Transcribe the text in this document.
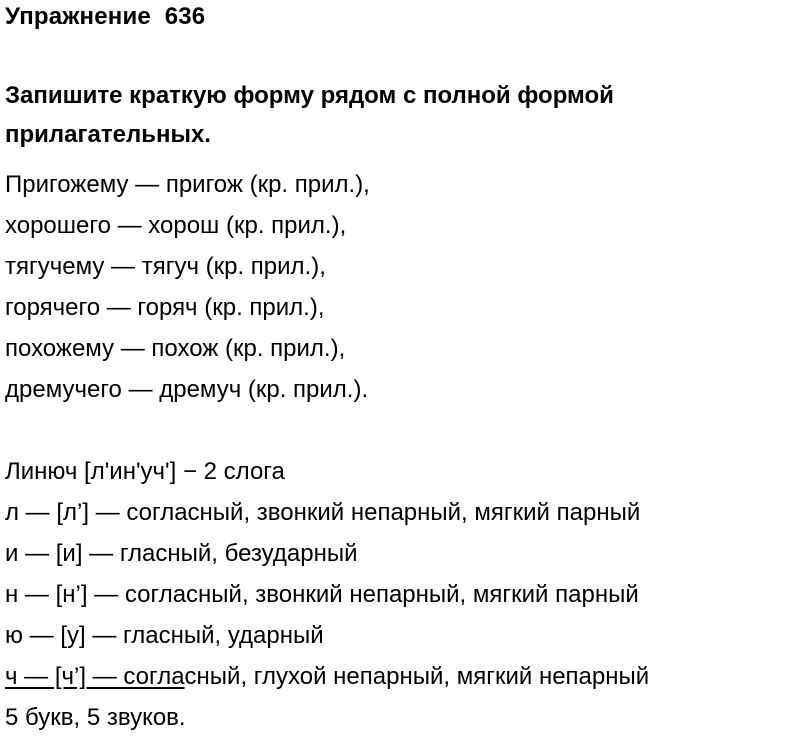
Упражнение  636
Запишите краткую форму рядом с полной формой прилагательных.
Пригожему — пригож (кр. прил.),
хорошего — хорош (кр. прил.),
тягучему — тягуч (кр. прил.),
горячего — горяч (кр. прил.),
похожему — похож (кр. прил.),
дремучего — дремуч (кр. прил.).
Линюч [л'ин'уч'] − 2 слога
л — [л’] — согласный, звонкий непарный, мягкий парный
и — [и] — гласный, безударный
н — [н’] — согласный, звонкий непарный, мягкий парный
ю — [у] — гласный, ударный
ч — [ч’] — согласный, глухой непарный, мягкий непарный
5 букв, 5 звуков.
